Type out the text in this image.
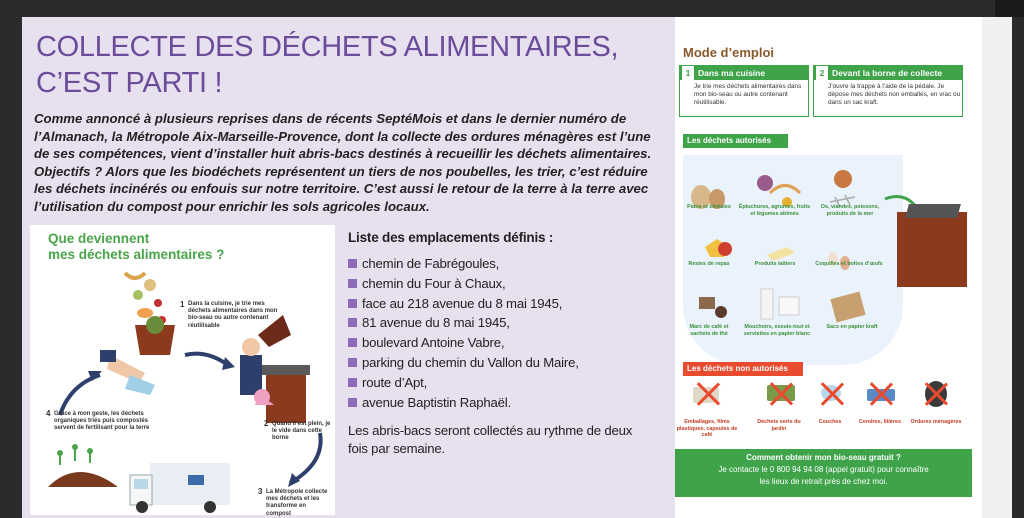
COLLECTE DES DÉCHETS ALIMENTAIRES,
C’EST PARTI !

Comme annoncé à plusieurs reprises dans de récents SeptéMois et dans le dernier numéro de l’Almanach, la Métropole Aix-Marseille-Provence, dont la collecte des ordures ménagères est l’une de ses compétences, vient d’installer huit abris-bacs destinés à recueillir les déchets alimentaires. Objectifs ? Alors que les biodéchets représentent un tiers de nos poubelles, les trier, c’est réduire les déchets incinérés ou enfouis sur notre territoire. C’est aussi le retour de la terre à la terre avec l’utilisation du compost pour enrichir les sols agricoles locaux.

Que deviennent
mes déchets alimentaires ?
1 Dans la cuisine, je trie mes déchets alimentaires dans mon bio-seau ou autre contenant réutilisable
2 Quand il est plein, je le vide dans cette borne
3 La Métropole collecte mes déchets et les transforme en compost
4 Grâce à mon geste, les déchets organiques triés puis compostés servent de fertilisant pour la terre
Liste des emplacements définis :
chemin de Fabrégoules,
chemin du Four à Chaux,
face au 218 avenue du 8 mai 1945,
81 avenue du 8 mai 1945,
boulevard Antoine Vabre,
parking du chemin du Vallon du Maire,
route d’Apt,
avenue Baptistin Raphaël.
Les abris-bacs seront collectés au rythme de deux fois par semaine.
Mode d’emploi
1 Dans ma cuisine
Je trie mes déchets alimentaires dans mon bio-seau ou autre contenant réutilisable.
2 Devant la borne de collecte
J’ouvre la trappe à l’aide de la pédale. Je dépose mes déchets non emballés, en vrac ou dans un sac kraft.
Les déchets autorisés
Pains et céréales	Épluchures, agrumes, fruits et légumes abîmés
Os, viandes, poissons, produits de la mer
Restes de repas	Produits laitiers	Coquilles et boîtes d’œufs
Marc de café et sachets de thé
Mouchoirs, essuie-tout et serviettes en papier blanc
Sacs en papier kraft
Les déchets non autorisés
Emballages, films plastiques, capsules de café
Déchets verts du jardin
Couches	Cendres, litières	Ordures ménagères
Comment obtenir mon bio-seau gratuit ?
Je contacte le 0 800 94 94 08 (appel gratuit) pour connaître
les lieux de retrait près de chez moi.
